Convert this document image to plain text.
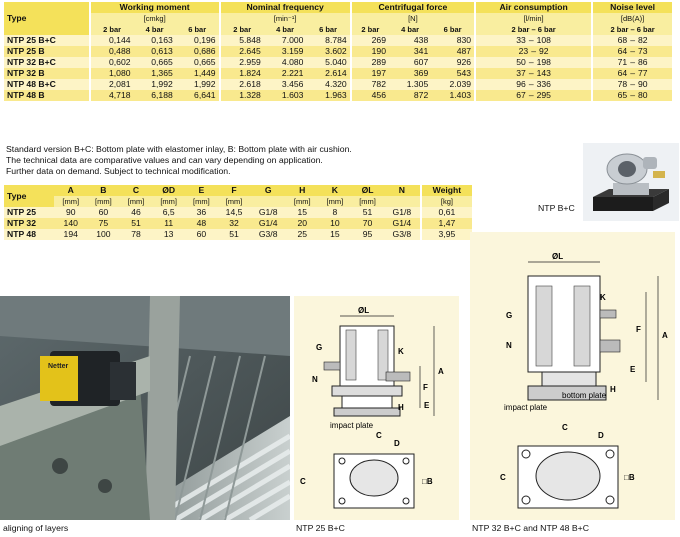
Type	Working moment			Nominal frequency			Centrifugal force			Air consumption	Noise level
	[cmkg]			[min⁻¹]			[N]			[l/min]	[dB(A)]
	2 bar	4 bar	6 bar	2 bar	4 bar	6 bar	2 bar	4 bar	6 bar	2 bar – 6 bar	2 bar – 6 bar
NTP 25 B+C	0,144	0,163	0,196	5.848	7.000	8.784	269	438	830	33 – 108	68 – 82
NTP 25 B	0,488	0,613	0,686	2.645	3.159	3.602	190	341	487	23 – 92	64 – 73
NTP 32 B+C	0,602	0,665	0,665	2.959	4.080	5.040	289	607	926	50 – 198	71 – 86
NTP 32 B	1,080	1,365	1,449	1.824	2.221	2.614	197	369	543	37 – 143	64 – 77
NTP 48 B+C	2,081	1,992	1,992	2.618	3.456	4.320	782	1.305	2.039	96 – 336	78 – 90
NTP 48 B	4,718	6,188	6,641	1.328	1.603	1.963	456	872	1.403	67 – 295	65 – 80
Standard version B+C: Bottom plate with elastomer inlay, B: Bottom plate with air cushion.
The technical data are comparative values and can vary depending on application.
Further data on demand. Subject to technical modification.
Type	A	B	C	ØD	E	F	G	H	K	ØL	N	Weight
	[mm]	[mm]	[mm]	[mm]	[mm]	[mm]		[mm]	[mm]	[mm]		[kg]
NTP 25	90	60	46	6,5	36	14,5	G1/8	15	8	51	G1/8	0,61
NTP 32	140	75	51	11	48	32	G1/4	20	10	70	G1/4	1,47
NTP 48	194	100	78	13	60	51	G3/8	25	15	95	G3/8	3,95
NTP B+C
Netter
aligning of layers
ØL
G
N
K
impact plate
A
F
E
H
C
D
C	□B
NTP 25 B+C
ØL
G
N
K
impact plate
bottom plate
A
F
E
H
C
D
C	□B
NTP 32 B+C and NTP 48 B+C
